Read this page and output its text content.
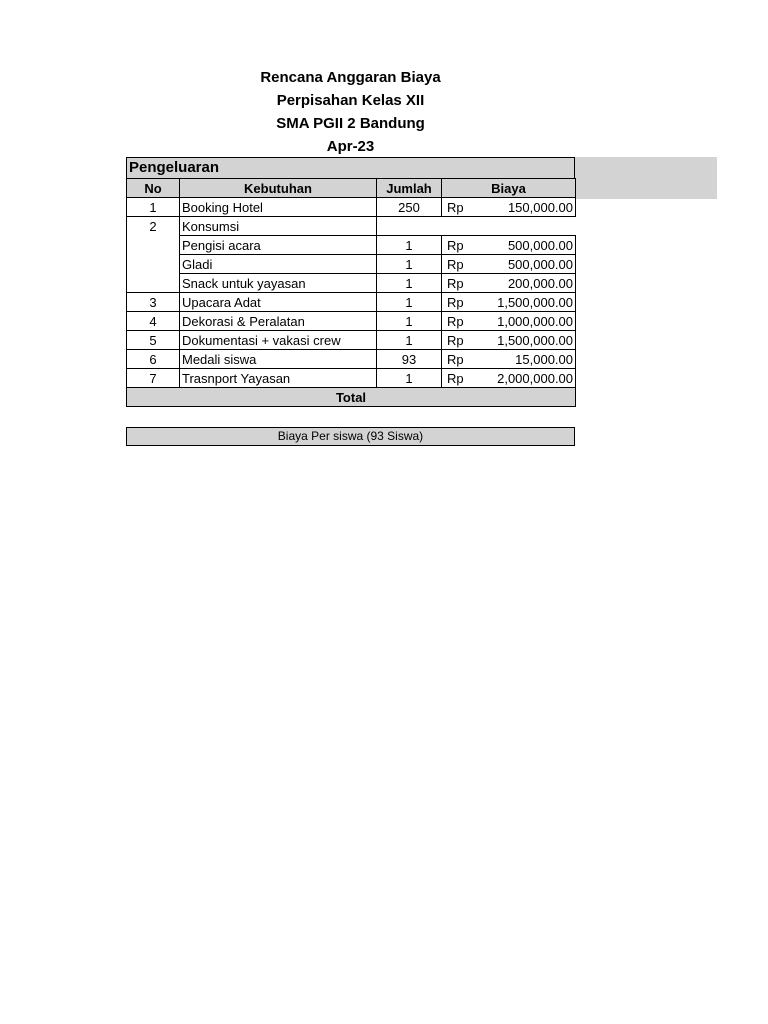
Rencana Anggaran Biaya
Perpisahan Kelas XII
SMA PGII 2 Bandung
Apr-23
Pengeluaran
No	Kebutuhan	Jumlah	Biaya	
1	Booking Hotel	250	Rp	150,000.00
2	Konsumsi			
	Pengisi acara	1	Rp	500,000.00
	Gladi	1	Rp	500,000.00
	Snack untuk yayasan	1	Rp	200,000.00
3	Upacara Adat	1	Rp	1,500,000.00
4	Dekorasi & Peralatan	1	Rp	1,000,000.00
5	Dokumentasi + vakasi crew	1	Rp	1,500,000.00
6	Medali siswa	93	Rp	15,000.00
7	Trasnport Yayasan	1	Rp	2,000,000.00
Total				
Biaya Per siswa (93 Siswa)
